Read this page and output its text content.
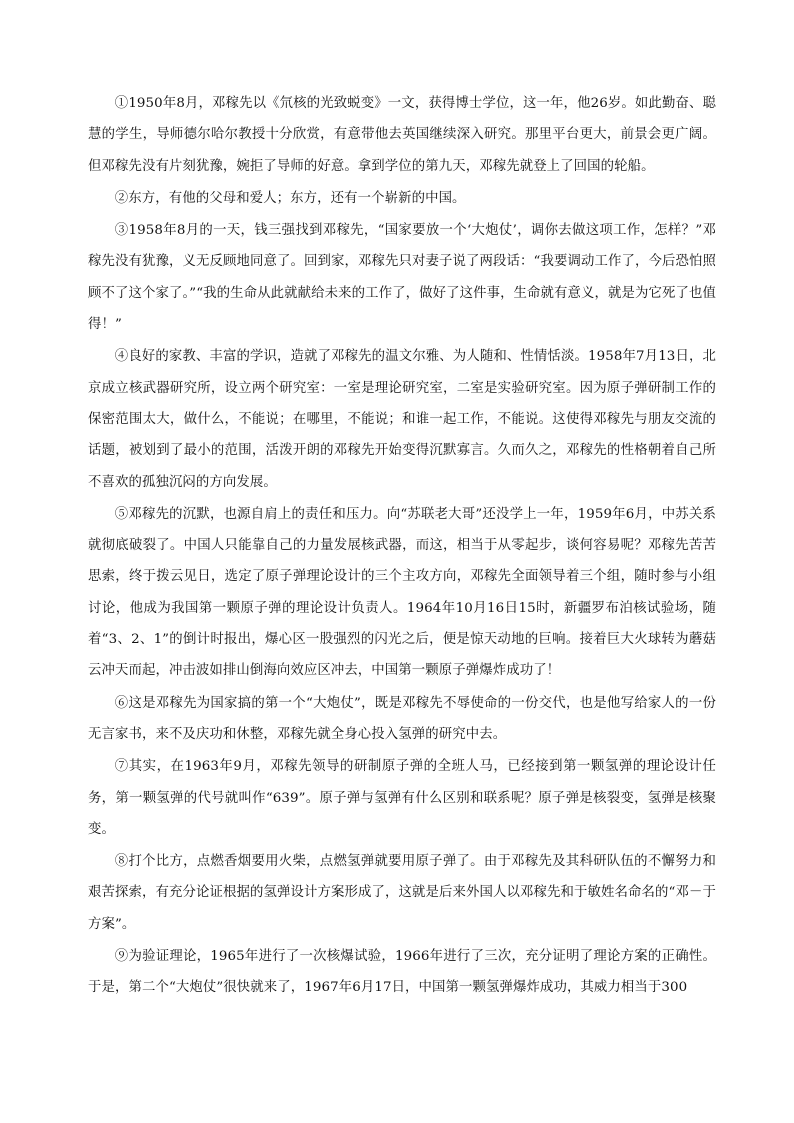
①1950年8月，邓稼先以《氘核的光致蜕变》一文，获得博士学位，这一年，他26岁。如此勤奋、聪慧的学生，导师德尔哈尔教授十分欣赏，有意带他去英国继续深入研究。那里平台更大，前景会更广阔。但邓稼先没有片刻犹豫，婉拒了导师的好意。拿到学位的第九天，邓稼先就登上了回国的轮船。

②东方，有他的父母和爱人；东方，还有一个崭新的中国。

③1958年8月的一天，钱三强找到邓稼先，“国家要放一个‘大炮仗’，调你去做这项工作，怎样？”邓稼先没有犹豫，义无反顾地同意了。回到家，邓稼先只对妻子说了两段话：“我要调动工作了，今后恐怕照顾不了这个家了。”“我的生命从此就献给未来的工作了，做好了这件事，生命就有意义，就是为它死了也值得！”

④良好的家教、丰富的学识，造就了邓稼先的温文尔雅、为人随和、性情恬淡。1958年7月13日，北京成立核武器研究所，设立两个研究室：一室是理论研究室，二室是实验研究室。因为原子弹研制工作的保密范围太大，做什么，不能说；在哪里，不能说；和谁一起工作，不能说。这使得邓稼先与朋友交流的话题，被划到了最小的范围，活泼开朗的邓稼先开始变得沉默寡言。久而久之，邓稼先的性格朝着自己所不喜欢的孤独沉闷的方向发展。

⑤邓稼先的沉默，也源自肩上的责任和压力。向“苏联老大哥”还没学上一年，1959年6月，中苏关系就彻底破裂了。中国人只能靠自己的力量发展核武器，而这，相当于从零起步，谈何容易呢？邓稼先苦苦思索，终于拨云见日，选定了原子弹理论设计的三个主攻方向，邓稼先全面领导着三个组，随时参与小组讨论，他成为我国第一颗原子弹的理论设计负责人。1964年10月16日15时，新疆罗布泊核试验场，随着“3、2、1”的倒计时报出，爆心区一股强烈的闪光之后，便是惊天动地的巨响。接着巨大火球转为蘑菇云冲天而起，冲击波如排山倒海向效应区冲去，中国第一颗原子弹爆炸成功了！

⑥这是邓稼先为国家搞的第一个“大炮仗”，既是邓稼先不辱使命的一份交代，也是他写给家人的一份无言家书，来不及庆功和休整，邓稼先就全身心投入氢弹的研究中去。

⑦其实，在1963年9月，邓稼先领导的研制原子弹的全班人马，已经接到第一颗氢弹的理论设计任务，第一颗氢弹的代号就叫作“639”。原子弹与氢弹有什么区别和联系呢？原子弹是核裂变，氢弹是核聚变。

⑧打个比方，点燃香烟要用火柴，点燃氢弹就要用原子弹了。由于邓稼先及其科研队伍的不懈努力和艰苦探索，有充分论证根据的氢弹设计方案形成了，这就是后来外国人以邓稼先和于敏姓名命名的“邓－于方案”。

⑨为验证理论，1965年进行了一次核爆试验，1966年进行了三次，充分证明了理论方案的正确性。于是，第二个“大炮仗”很快就来了，1967年6月17日，中国第一颗氢弹爆炸成功，其威力相当于300
